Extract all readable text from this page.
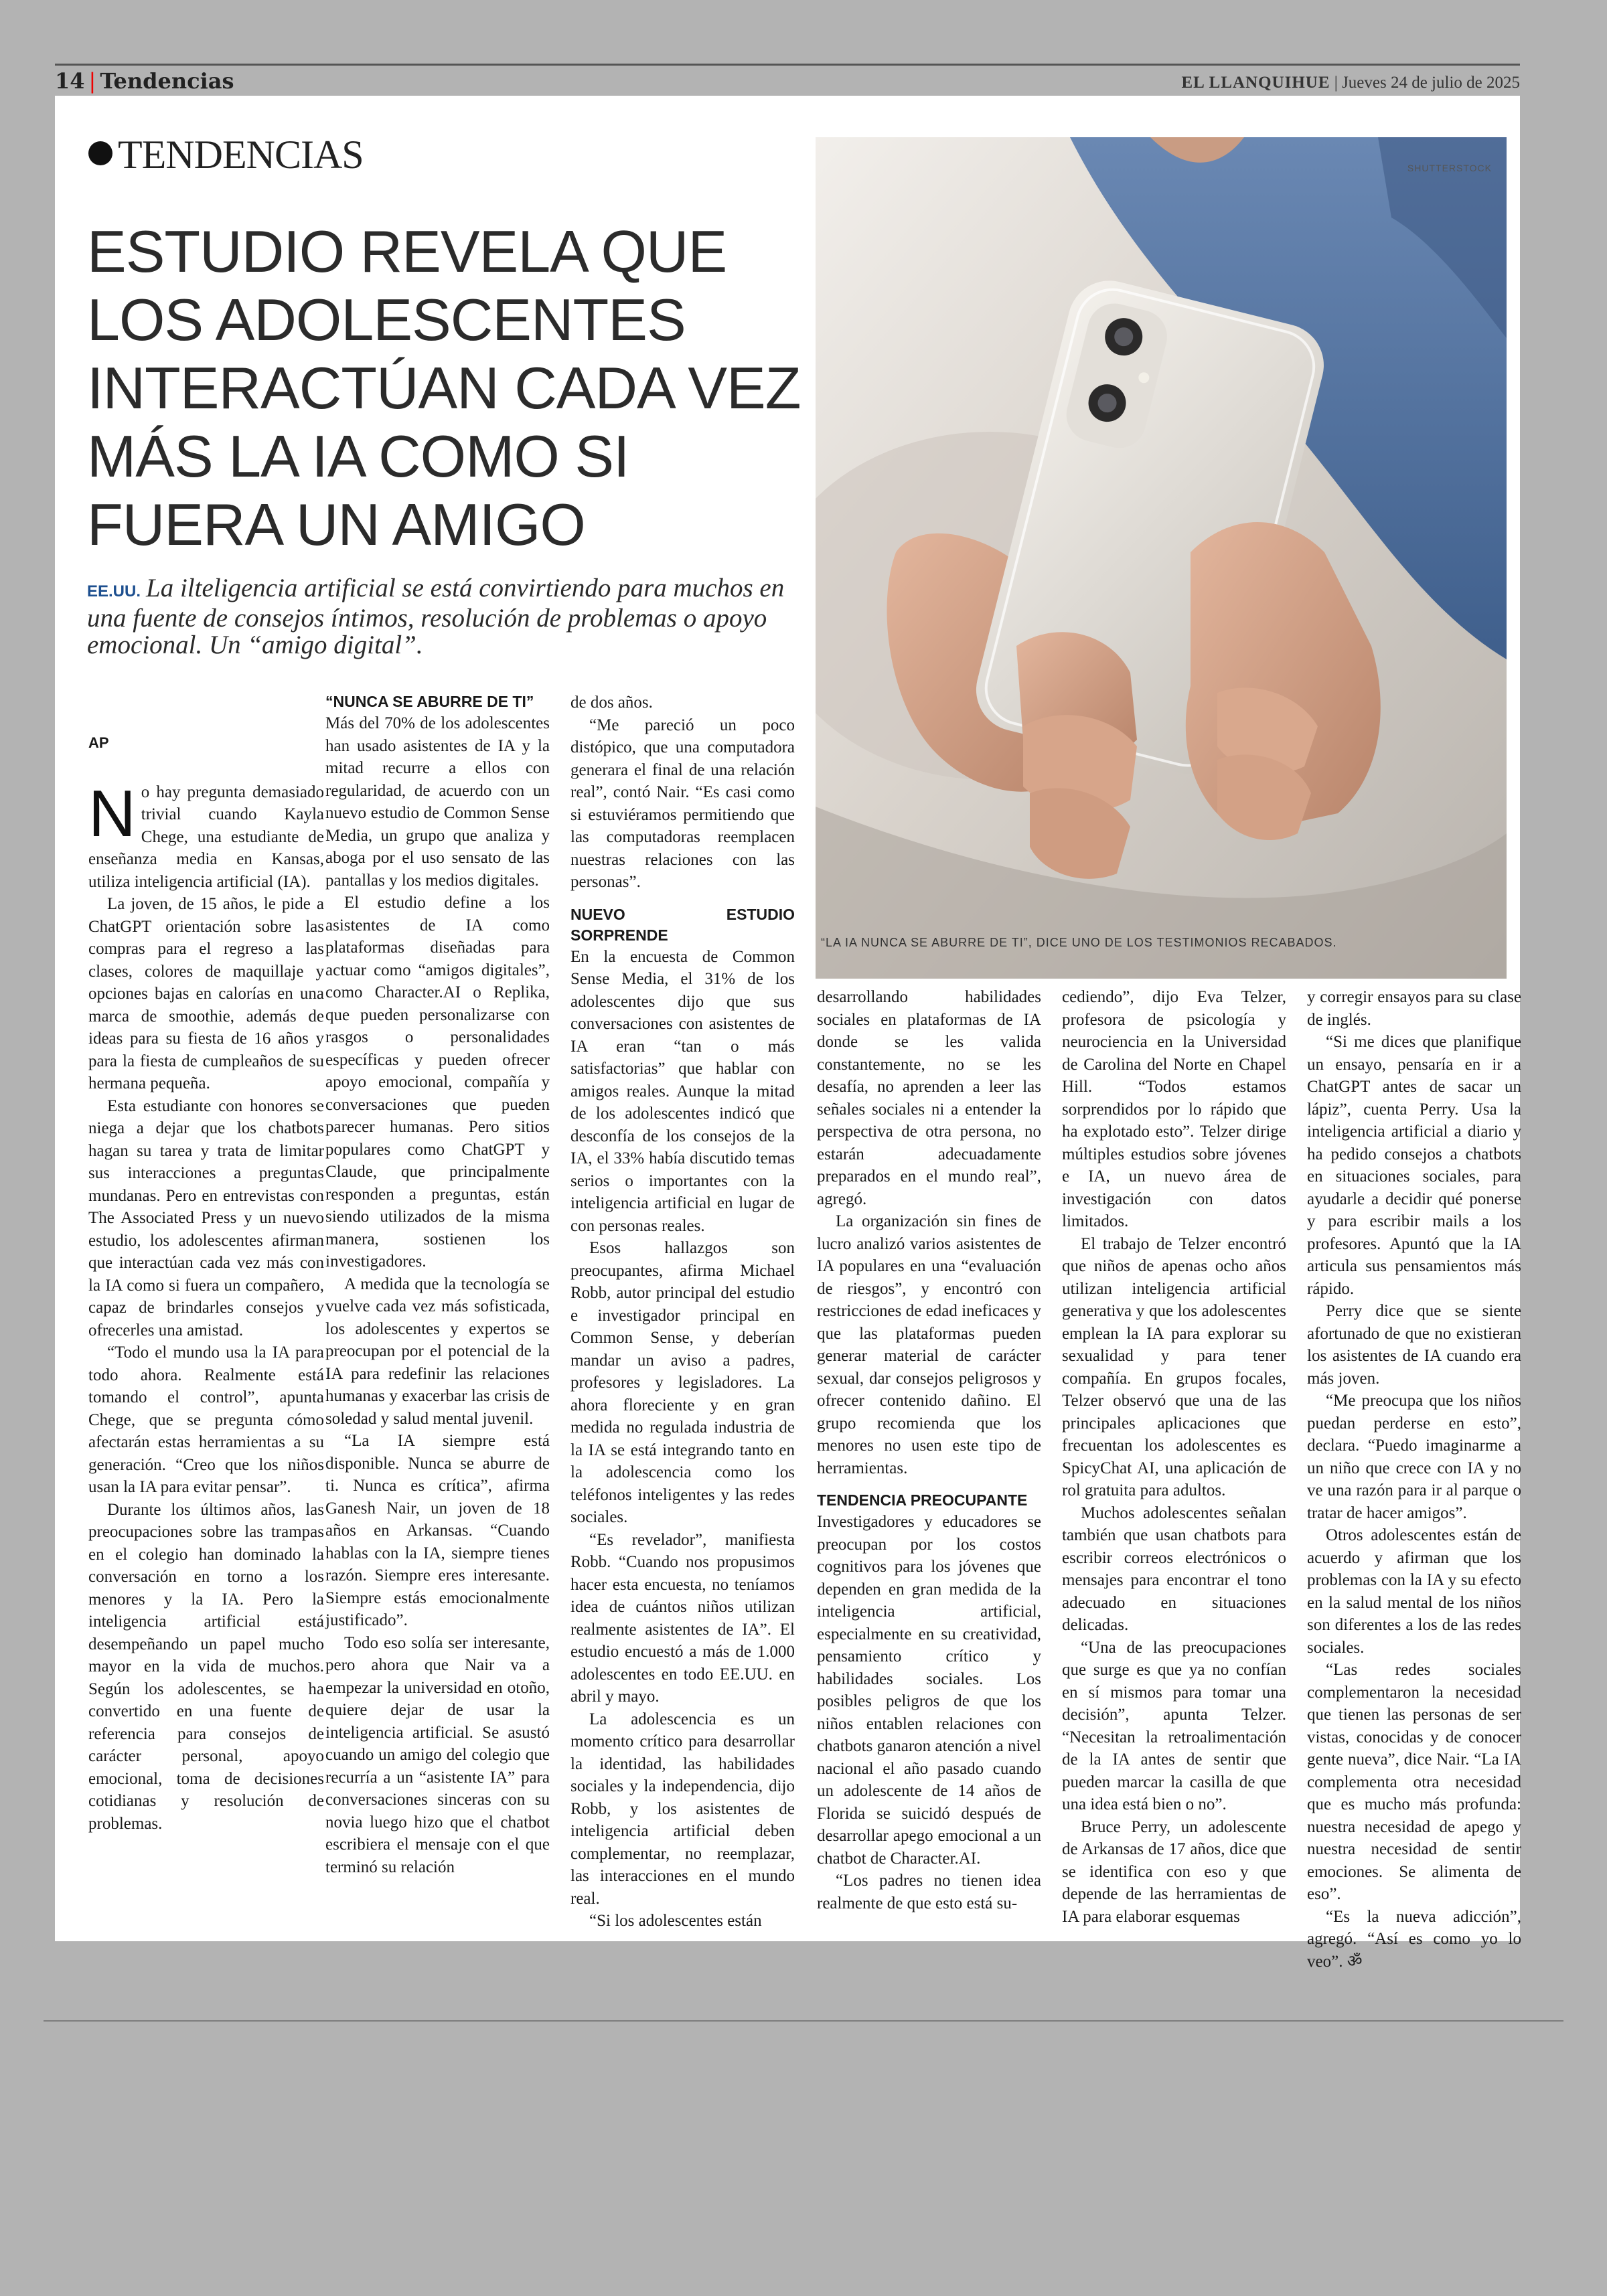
14 | Tendencias	EL LLANQUIHUE | Jueves 24 de julio de 2025
TENDENCIAS
ESTUDIO REVELA QUE LOS ADOLESCENTES INTERACTÚAN CADA VEZ MÁS LA IA COMO SI FUERA UN AMIGO
EE.UU. La ilteligencia artificial se está convirtiendo para muchos en una fuente de consejos íntimos, resolución de problemas o apoyo emocional. Un “amigo digital”.
SHUTTERSTOCK
“LA IA NUNCA SE ABURRE DE TI”, DICE UNO DE LOS TESTIMONIOS RECABADOS.
AP

No hay pregunta demasiado trivial cuando Kayla Chege, una estudiante de enseñanza media en Kansas, utiliza inteligencia artificial (IA).

La joven, de 15 años, le pide a ChatGPT orientación sobre las compras para el regreso a las clases, colores de maquillaje y opciones bajas en calorías en una marca de smoothie, además de ideas para su fiesta de 16 años y para la fiesta de cumpleaños de su hermana pequeña.

Esta estudiante con honores se niega a dejar que los chatbots hagan su tarea y trata de limitar sus interacciones a preguntas mundanas. Pero en entrevistas con The Associated Press y un nuevo estudio, los adolescentes afirman que interactúan cada vez más con la IA como si fuera un compañero, capaz de brindarles consejos y ofrecerles una amistad.

“Todo el mundo usa la IA para todo ahora. Realmente está tomando el control”, apunta Chege, que se pregunta cómo afectarán estas herramientas a su generación. “Creo que los niños usan la IA para evitar pensar”.

Durante los últimos años, las preocupaciones sobre las trampas en el colegio han dominado la conversación en torno a los menores y la IA. Pero la inteligencia artificial está desempeñando un papel mucho mayor en la vida de muchos. Según los adolescentes, se ha convertido en una fuente de referencia para consejos de carácter personal, apoyo emocional, toma de decisiones cotidianas y resolución de problemas.

“NUNCA SE ABURRE DE TI”

Más del 70% de los adolescentes han usado asistentes de IA y la mitad recurre a ellos con regularidad, de acuerdo con un nuevo estudio de Common Sense Media, un grupo que analiza y aboga por el uso sensato de las pantallas y los medios digitales.

El estudio define a los asistentes de IA como plataformas diseñadas para actuar como “amigos digitales”, como Character.AI o Replika, que pueden personalizarse con rasgos o personalidades específicas y pueden ofrecer apoyo emocional, compañía y conversaciones que pueden parecer humanas. Pero sitios populares como ChatGPT y Claude, que principalmente responden a preguntas, están siendo utilizados de la misma manera, sostienen los investigadores.

A medida que la tecnología se vuelve cada vez más sofisticada, los adolescentes y expertos se preocupan por el potencial de la IA para redefinir las relaciones humanas y exacerbar las crisis de soledad y salud mental juvenil.

“La IA siempre está disponible. Nunca se aburre de ti. Nunca es crítica”, afirma Ganesh Nair, un joven de 18 años en Arkansas. “Cuando hablas con la IA, siempre tienes razón. Siempre eres interesante. Siempre estás emocionalmente justificado”.

Todo eso solía ser interesante, pero ahora que Nair va a empezar la universidad en otoño, quiere dejar de usar la inteligencia artificial. Se asustó cuando un amigo del colegio que recurría a un “asistente IA” para conversaciones sinceras con su novia luego hizo que el chatbot escribiera el mensaje con el que terminó su relación

de dos años.

“Me pareció un poco distópico, que una computadora generara el final de una relación real”, contó Nair. “Es casi como si estuviéramos permitiendo que las computadoras reemplacen nuestras relaciones con las personas”.

NUEVO ESTUDIO SORPRENDE

En la encuesta de Common Sense Media, el 31% de los adolescentes dijo que sus conversaciones con asistentes de IA eran “tan o más satisfactorias” que hablar con amigos reales. Aunque la mitad de los adolescentes indicó que desconfía de los consejos de la IA, el 33% había discutido temas serios o importantes con la inteligencia artificial en lugar de con personas reales.

Esos hallazgos son preocupantes, afirma Michael Robb, autor principal del estudio e investigador principal en Common Sense, y deberían mandar un aviso a padres, profesores y legisladores. La ahora floreciente y en gran medida no regulada industria de la IA se está integrando tanto en la adolescencia como los teléfonos inteligentes y las redes sociales.

“Es revelador”, manifiesta Robb. “Cuando nos propusimos hacer esta encuesta, no teníamos idea de cuántos niños utilizan realmente asistentes de IA”. El estudio encuestó a más de 1.000 adolescentes en todo EE.UU. en abril y mayo.

La adolescencia es un momento crítico para desarrollar la identidad, las habilidades sociales y la independencia, dijo Robb, y los asistentes de inteligencia artificial deben complementar, no reemplazar, las interacciones en el mundo real.

“Si los adolescentes están

desarrollando habilidades sociales en plataformas de IA donde se les valida constantemente, no se les desafía, no aprenden a leer las señales sociales ni a entender la perspectiva de otra persona, no estarán adecuadamente preparados en el mundo real”, agregó.

La organización sin fines de lucro analizó varios asistentes de IA populares en una “evaluación de riesgos”, y encontró con restricciones de edad ineficaces y que las plataformas pueden generar material de carácter sexual, dar consejos peligrosos y ofrecer contenido dañino. El grupo recomienda que los menores no usen este tipo de herramientas.

TENDENCIA PREOCUPANTE

Investigadores y educadores se preocupan por los costos cognitivos para los jóvenes que dependen en gran medida de la inteligencia artificial, especialmente en su creatividad, pensamiento crítico y habilidades sociales. Los posibles peligros de que los niños entablen relaciones con chatbots ganaron atención a nivel nacional el año pasado cuando un adolescente de 14 años de Florida se suicidó después de desarrollar apego emocional a un chatbot de Character.AI.

“Los padres no tienen idea realmente de que esto está su-

cediendo”, dijo Eva Telzer, profesora de psicología y neurociencia en la Universidad de Carolina del Norte en Chapel Hill. “Todos estamos sorprendidos por lo rápido que ha explotado esto”. Telzer dirige múltiples estudios sobre jóvenes e IA, un nuevo área de investigación con datos limitados.

El trabajo de Telzer encontró que niños de apenas ocho años utilizan inteligencia artificial generativa y que los adolescentes emplean la IA para explorar su sexualidad y para tener compañía. En grupos focales, Telzer observó que una de las principales aplicaciones que frecuentan los adolescentes es SpicyChat AI, una aplicación de rol gratuita para adultos.

Muchos adolescentes señalan también que usan chatbots para escribir correos electrónicos o mensajes para encontrar el tono adecuado en situaciones delicadas.

“Una de las preocupaciones que surge es que ya no confían en sí mismos para tomar una decisión”, apunta Telzer. “Necesitan la retroalimentación de la IA antes de sentir que pueden marcar la casilla de que una idea está bien o no”.

Bruce Perry, un adolescente de Arkansas de 17 años, dice que se identifica con eso y que depende de las herramientas de IA para elaborar esquemas

y corregir ensayos para su clase de inglés.

“Si me dices que planifique un ensayo, pensaría en ir a ChatGPT antes de sacar un lápiz”, cuenta Perry. Usa la inteligencia artificial a diario y ha pedido consejos a chatbots en situaciones sociales, para ayudarle a decidir qué ponerse y para escribir mails a los profesores. Apuntó que la IA articula sus pensamientos más rápido.

Perry dice que se siente afortunado de que no existieran los asistentes de IA cuando era más joven.

“Me preocupa que los niños puedan perderse en esto”, declara. “Puedo imaginarme a un niño que crece con IA y no ve una razón para ir al parque o tratar de hacer amigos”.

Otros adolescentes están de acuerdo y afirman que los problemas con la IA y su efecto en la salud mental de los niños son diferentes a los de las redes sociales.

“Las redes sociales complementaron la necesidad que tienen las personas de ser vistas, conocidas y de conocer gente nueva”, dice Nair. “La IA complementa otra necesidad que es mucho más profunda: nuestra necesidad de apego y nuestra necesidad de sentir emociones. Se alimenta de eso”.

“Es la nueva adicción”, agregó. “Así es como yo lo veo”. ॐ
